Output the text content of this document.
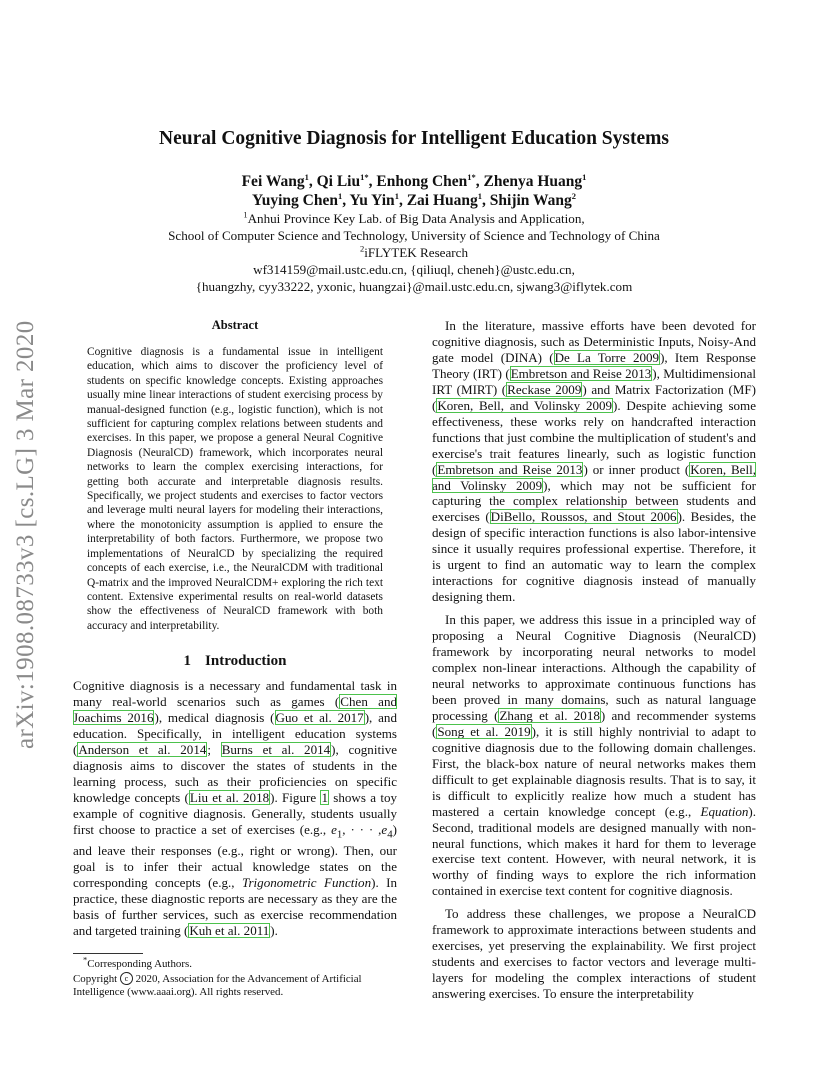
arXiv:1908.08733v3 [cs.LG] 3 Mar 2020
Neural Cognitive Diagnosis for Intelligent Education Systems
Fei Wang$^1$, Qi Liu$^{1*}$, Enhong Chen$^{1*}$, Zhenya Huang$^1$
Yuying Chen$^1$, Yu Yin$^1$, Zai Huang$^1$, Shijin Wang$^2$
$^1$Anhui Province Key Lab. of Big Data Analysis and Application,
School of Computer Science and Technology, University of Science and Technology of China
$^2$iFLYTEK Research
wf314159@mail.ustc.edu.cn, {qiliuql, cheneh}@ustc.edu.cn,
{huangzhy, cyy33222, yxonic, huangzai}@mail.ustc.edu.cn, sjwang3@iflytek.com
Abstract
Cognitive diagnosis is a fundamental issue in intelligent education, which aims to discover the proficiency level of students on specific knowledge concepts. Existing approaches usually mine linear interactions of student exercising process by manual-designed function (e.g., logistic function), which is not sufficient for capturing complex relations between students and exercises. In this paper, we propose a general Neural Cognitive Diagnosis (NeuralCD) framework, which incorporates neural networks to learn the complex exercising interactions, for getting both accurate and interpretable diagnosis results. Specifically, we project students and exercises to factor vectors and leverage multi neural layers for modeling their interactions, where the monotonicity assumption is applied to ensure the interpretability of both factors. Furthermore, we propose two implementations of NeuralCD by specializing the required concepts of each exercise, i.e., the NeuralCDM with traditional Q-matrix and the improved NeuralCDM+ exploring the rich text content. Extensive experimental results on real-world datasets show the effectiveness of NeuralCD framework with both accuracy and interpretability.
1 Introduction

Cognitive diagnosis is a necessary and fundamental task in many real-world scenarios such as games (Chen and Joachims 2016), medical diagnosis (Guo et al. 2017), and education. Specifically, in intelligent education systems (Anderson et al. 2014; Burns et al. 2014), cognitive diagnosis aims to discover the states of students in the learning process, such as their proficiencies on specific knowledge concepts (Liu et al. 2018). Figure 1 shows a toy example of cognitive diagnosis. Generally, students usually first choose to practice a set of exercises (e.g., $e_1$, · · · $,e_4$) and leave their responses (e.g., right or wrong). Then, our goal is to infer their actual knowledge states on the corresponding concepts (e.g., Trigonometric Function). In practice, these diagnostic reports are necessary as they are the basis of further services, such as exercise recommendation and targeted training (Kuh et al. 2011).

*Corresponding Authors.
Copyright c 2020, Association for the Advancement of Artificial Intelligence (www.aaai.org). All rights reserved.

In the literature, massive efforts have been devoted for cognitive diagnosis, such as Deterministic Inputs, Noisy-And gate model (DINA) (De La Torre 2009), Item Response Theory (IRT) (Embretson and Reise 2013), Multidimensional IRT (MIRT) (Reckase 2009) and Matrix Factorization (MF) (Koren, Bell, and Volinsky 2009). Despite achieving some effectiveness, these works rely on handcrafted interaction functions that just combine the multiplication of student's and exercise's trait features linearly, such as logistic function (Embretson and Reise 2013) or inner product (Koren, Bell, and Volinsky 2009), which may not be sufficient for capturing the complex relationship between students and exercises (DiBello, Roussos, and Stout 2006). Besides, the design of specific interaction functions is also labor-intensive since it usually requires professional expertise. Therefore, it is urgent to find an automatic way to learn the complex interactions for cognitive diagnosis instead of manually designing them.

In this paper, we address this issue in a principled way of proposing a Neural Cognitive Diagnosis (NeuralCD) framework by incorporating neural networks to model complex non-linear interactions. Although the capability of neural networks to approximate continuous functions has been proved in many domains, such as natural language processing (Zhang et al. 2018) and recommender systems (Song et al. 2019), it is still highly nontrivial to adapt to cognitive diagnosis due to the following domain challenges. First, the black-box nature of neural networks makes them difficult to get explainable diagnosis results. That is to say, it is difficult to explicitly realize how much a student has mastered a certain knowledge concept (e.g., Equation). Second, traditional models are designed manually with non-neural functions, which makes it hard for them to leverage exercise text content. However, with neural network, it is worthy of finding ways to explore the rich information contained in exercise text content for cognitive diagnosis.

To address these challenges, we propose a NeuralCD framework to approximate interactions between students and exercises, yet preserving the explainability. We first project students and exercises to factor vectors and leverage multi-layers for modeling the complex interactions of student answering exercises. To ensure the interpretability
